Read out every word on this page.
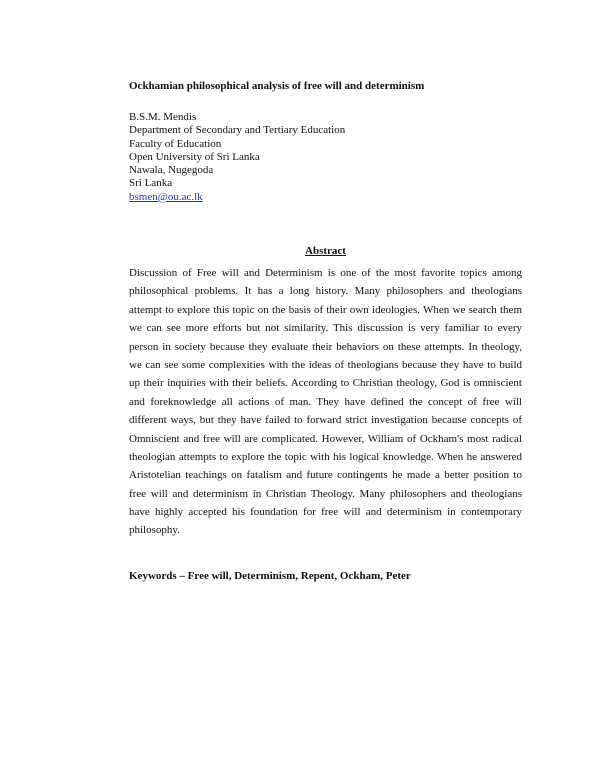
Ockhamian philosophical analysis of free will and determinism
B.S.M. Mendis
Department of Secondary and Tertiary Education
Faculty of Education
Open University of Sri Lanka
Nawala, Nugegoda
Sri Lanka
bsmen@ou.ac.lk
Abstract
Discussion of Free will and Determinism is one of the most favorite topics among
philosophical problems. It has a long history. Many philosophers and theologians
attempt to explore this topic on the basis of their own ideologies. When we search them
we can see more efforts but not similarity. This discussion is very familiar to every
person in society because they evaluate their behaviors on these attempts. In theology,
we can see some complexities with the ideas of theologians because they have to build
up their inquiries with their beliefs. According to Christian theology, God is omniscient
and foreknowledge all actions of man. They have defined the concept of free will
different ways, but they have failed to forward strict investigation because concepts of
Omniscient and free will are complicated. However, William of Ockham's most radical
theologian attempts to explore the topic with his logical knowledge. When he answered
Aristotelian teachings on fatalism and future contingents he made a better position to
free will and determinism in Christian Theology. Many philosophers and theologians
have highly accepted his foundation for free will and determinism in contemporary
philosophy.
Keywords – Free will, Determinism, Repent, Ockham, Peter
